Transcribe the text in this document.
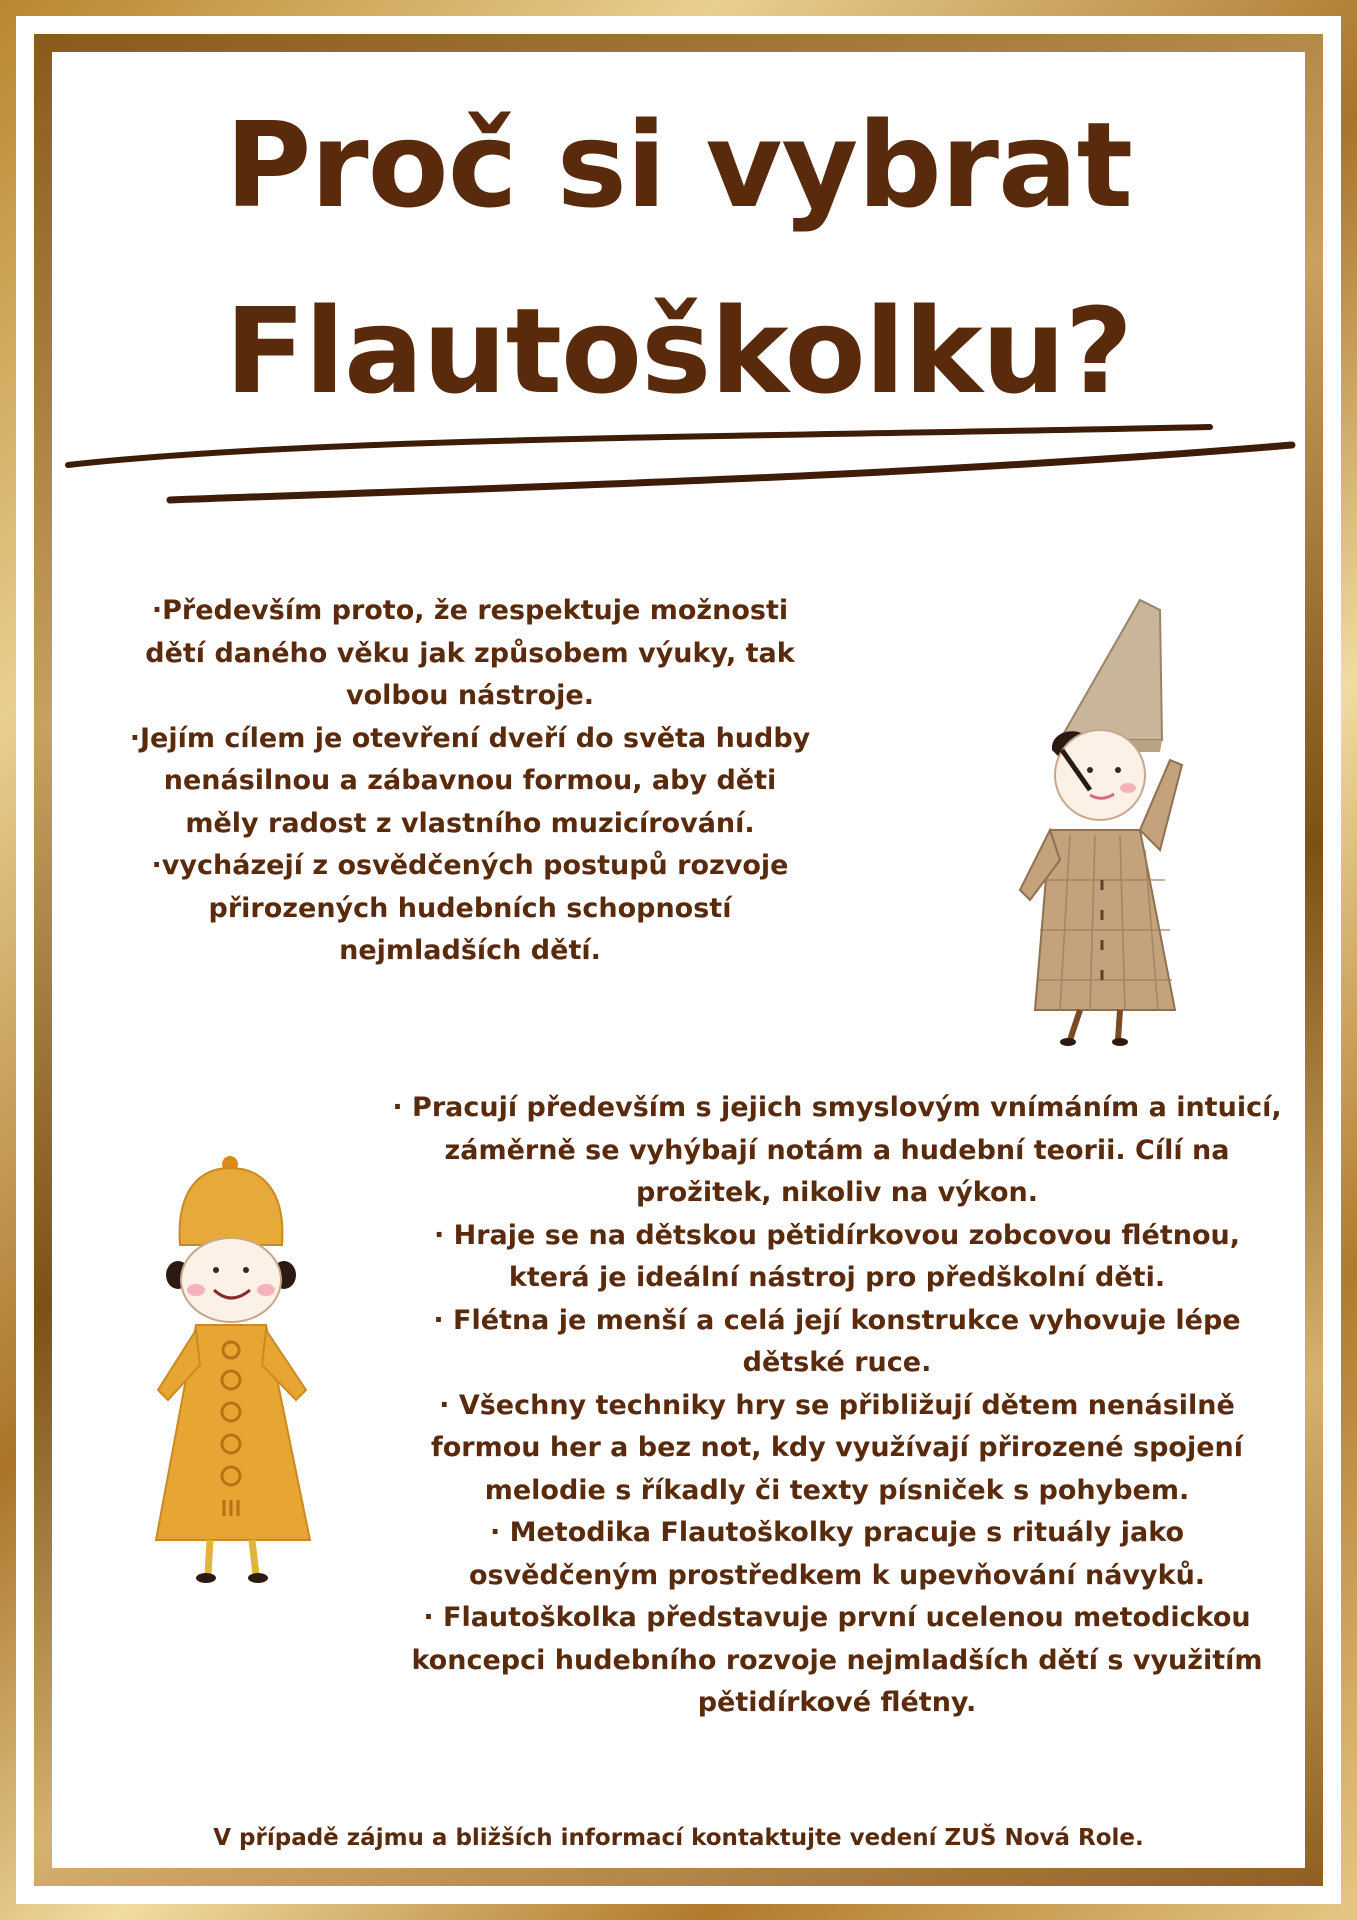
Proč si vybrat
Flautoškolku?
·Především proto, že respektuje možnosti
dětí daného věku jak způsobem výuky, tak
volbou nástroje.
·Jejím cílem je otevření dveří do světa hudby
nenásilnou a zábavnou formou, aby děti
měly radost z vlastního muzicírování.
·vycházejí z osvědčených postupů rozvoje
přirozených hudebních schopností
nejmladších dětí.
· Pracují především s jejich smyslovým vnímáním a intuicí,
záměrně se vyhýbají notám a hudební teorii. Cílí na
prožitek, nikoliv na výkon.
· Hraje se na dětskou pětidírkovou zobcovou flétnou,
která je ideální nástroj pro předškolní děti.
· Flétna je menší a celá její konstrukce vyhovuje lépe
dětské ruce.
· Všechny techniky hry se přibližují dětem nenásilně
formou her a bez not, kdy využívají přirozené spojení
melodie s říkadly či texty písniček s pohybem.
· Metodika Flautoškolky pracuje s rituály jako
osvědčeným prostředkem k upevňování návyků.
· Flautoškolka představuje první ucelenou metodickou
koncepci hudebního rozvoje nejmladších dětí s využitím
pětidírkové flétny.

V případě zájmu a bližších informací kontaktujte vedení ZUŠ Nová Role.
